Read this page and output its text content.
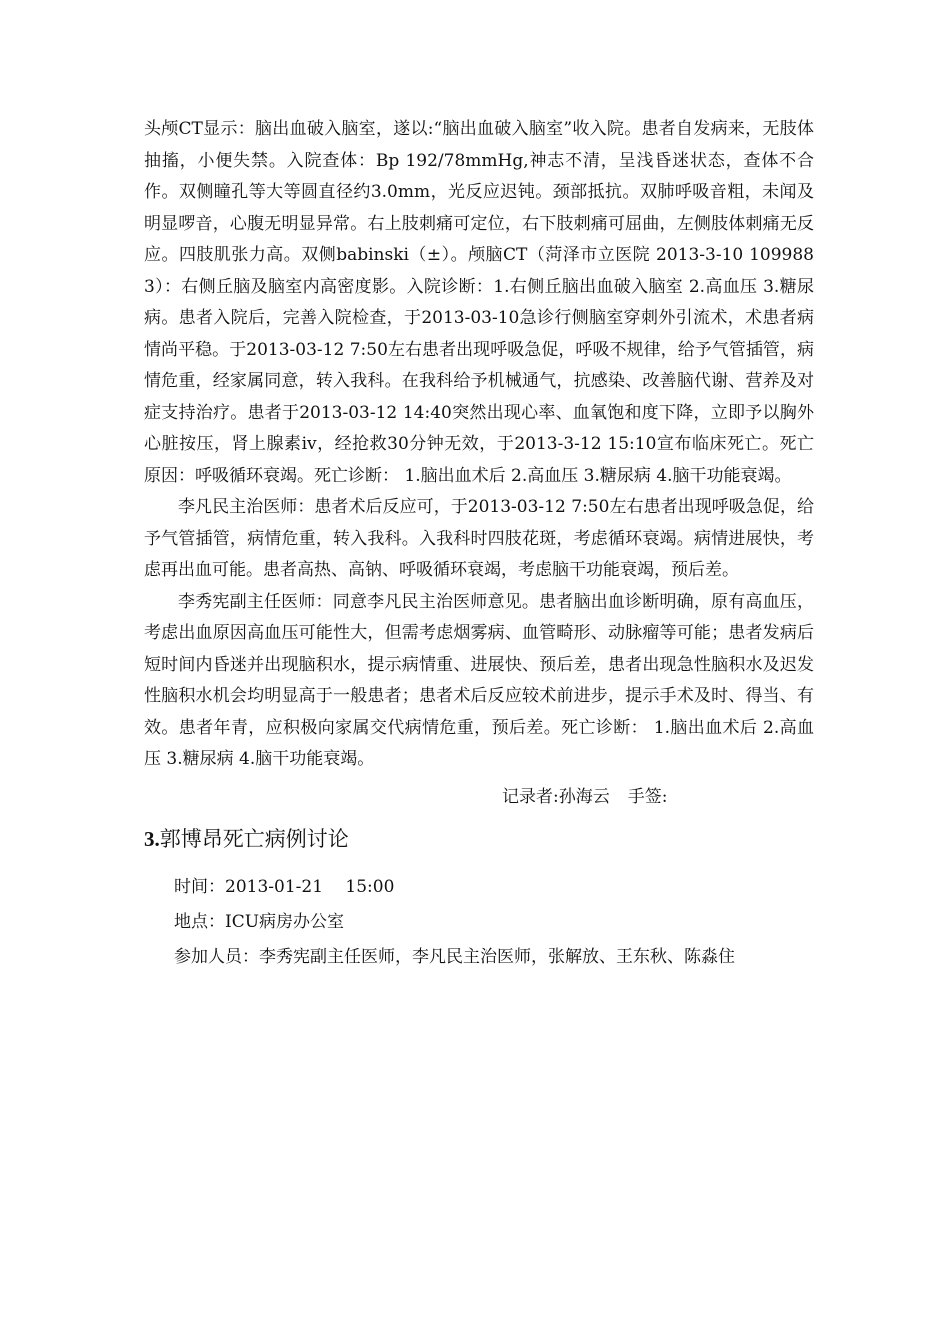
头颅CT显示：脑出血破入脑室，遂以:“脑出血破入脑室”收入院。患者自发病来，无肢体抽搐，小便失禁。入院查体：Bp 192/78mmHg,神志不清，呈浅昏迷状态，查体不合作。双侧瞳孔等大等圆直径约3.0mm，光反应迟钝。颈部抵抗。双肺呼吸音粗，未闻及明显啰音，心腹无明显异常。右上肢刺痛可定位，右下肢刺痛可屈曲，左侧肢体刺痛无反应。四肢肌张力高。双侧babinski（±）。颅脑CT（菏泽市立医院 2013-3-10 1099883）：右侧丘脑及脑室内高密度影。入院诊断：1.右侧丘脑出血破入脑室 2.高血压 3.糖尿病。患者入院后，完善入院检查，于2013-03-10急诊行侧脑室穿刺外引流术，术患者病情尚平稳。于2013-03-12 7:50左右患者出现呼吸急促，呼吸不规律，给予气管插管，病情危重，经家属同意，转入我科。在我科给予机械通气，抗感染、改善脑代谢、营养及对症支持治疗。患者于2013-03-12 14:40突然出现心率、血氧饱和度下降，立即予以胸外心脏按压，肾上腺素iv，经抢救30分钟无效，于2013-3-12 15:10宣布临床死亡。死亡原因：呼吸循环衰竭。死亡诊断： 1.脑出血术后 2.高血压 3.糖尿病 4.脑干功能衰竭。

李凡民主治医师：患者术后反应可，于2013-03-12 7:50左右患者出现呼吸急促，给予气管插管，病情危重，转入我科。入我科时四肢花斑，考虑循环衰竭。病情进展快，考虑再出血可能。患者高热、高钠、呼吸循环衰竭，考虑脑干功能衰竭，预后差。

李秀宪副主任医师：同意李凡民主治医师意见。患者脑出血诊断明确，原有高血压，考虑出血原因高血压可能性大，但需考虑烟雾病、血管畸形、动脉瘤等可能；患者发病后短时间内昏迷并出现脑积水，提示病情重、进展快、预后差，患者出现急性脑积水及迟发性脑积水机会均明显高于一般患者；患者术后反应较术前进步，提示手术及时、得当、有效。患者年青，应积极向家属交代病情危重，预后差。死亡诊断： 1.脑出血术后 2.高血压 3.糖尿病 4.脑干功能衰竭。

记录者:孙海云 手签:
3.郭博昂死亡病例讨论

时间：2013-01-21　 15:00

地点：ICU病房办公室

参加人员：李秀宪副主任医师，李凡民主治医师，张解放、王东秋、陈淼住
